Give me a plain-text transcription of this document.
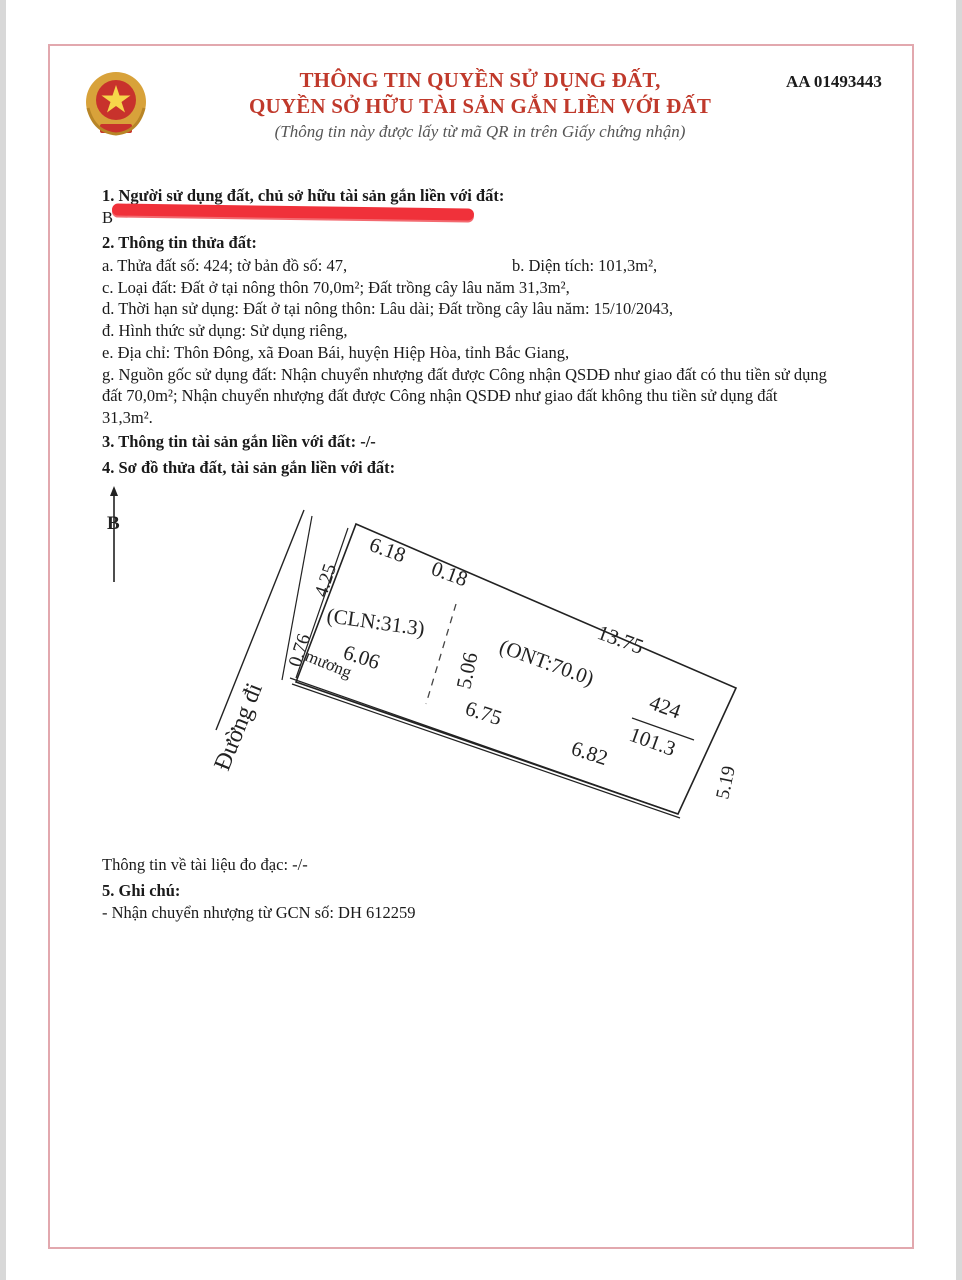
THÔNG TIN QUYỀN SỬ DỤNG ĐẤT,
QUYỀN SỞ HỮU TÀI SẢN GẮN LIỀN VỚI ĐẤT
(Thông tin này được lấy từ mã QR in trên Giấy chứng nhận)
AA 01493443
1. Người sử dụng đất, chủ sở hữu tài sản gắn liền với đất:
B
2. Thông tin thửa đất:
a. Thửa đất số: 424; tờ bản đồ số: 47,	b. Diện tích: 101,3m²,
c. Loại đất: Đất ở tại nông thôn 70,0m²; Đất trồng cây lâu năm 31,3m²,
d. Thời hạn sử dụng: Đất ở tại nông thôn: Lâu dài; Đất trồng cây lâu năm: 15/10/2043,
đ. Hình thức sử dụng: Sử dụng riêng,
e. Địa chỉ: Thôn Đông, xã Đoan Bái, huyện Hiệp Hòa, tỉnh Bắc Giang,
g. Nguồn gốc sử dụng đất: Nhận chuyển nhượng đất được Công nhận QSDĐ như giao đất có thu tiền sử dụng
đất 70,0m²; Nhận chuyển nhượng đất được Công nhận QSDĐ như giao đất không thu tiền sử dụng đất
31,3m².
3. Thông tin tài sản gắn liền với đất: -/-
4. Sơ đồ thửa đất, tài sản gắn liền với đất:
B
Đường đi
mương
4.25
0.76
6.18
0.18
13.75
(CLN:31.3)
6.06	5.06 (ONT:70.0)
6.75
6.82
424
101.3
5.19
Thông tin về tài liệu đo đạc: -/-
5. Ghi chú:
- Nhận chuyển nhượng từ GCN số: DH 612259
